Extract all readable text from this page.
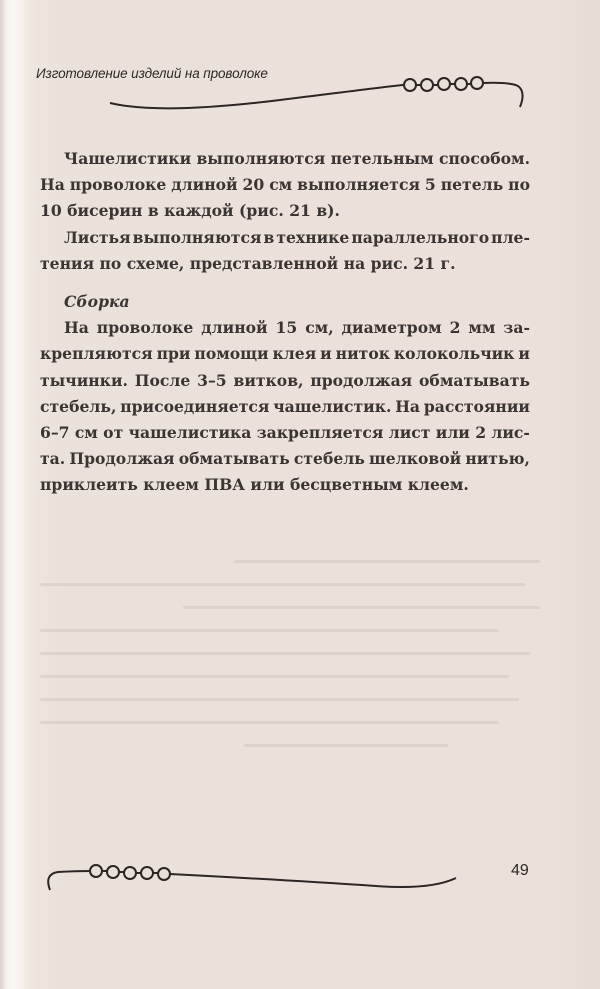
Изготовление изделий на проволоке
Чашелистики выполняются петельным способом.
На проволоке длиной 20 см выполняется 5 петель по
10 бисерин в каждой (рис. 21 в).
Листья выполняются в технике параллельного пле-
тения по схеме, представленной на рис. 21 г.
Сборка
На проволоке длиной 15 см, диаметром 2 мм за-
крепляются при помощи клея и ниток колокольчик и
тычинки. После 3–5 витков, продолжая обматывать
стебель, присоединяется чашелистик. На расстоянии
6–7 см от чашелистика закрепляется лист или 2 лис-
та. Продолжая обматывать стебель шелковой нитью,
приклеить клеем ПВА или бесцветным клеем.
49
